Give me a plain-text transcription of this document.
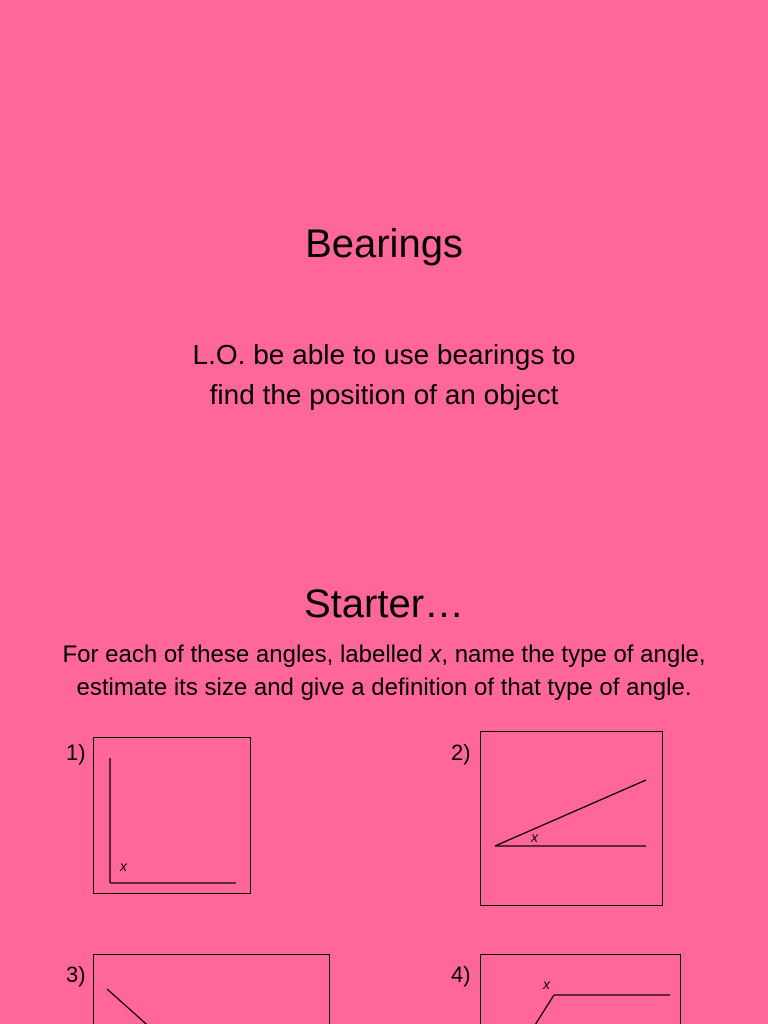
Bearings
L.O. be able to use bearings to
find the position of an object
Starter…
For each of these angles, labelled x, name the type of angle,
estimate its size and give a definition of that type of angle.
1)
x
2)
x
3)	4)	x
